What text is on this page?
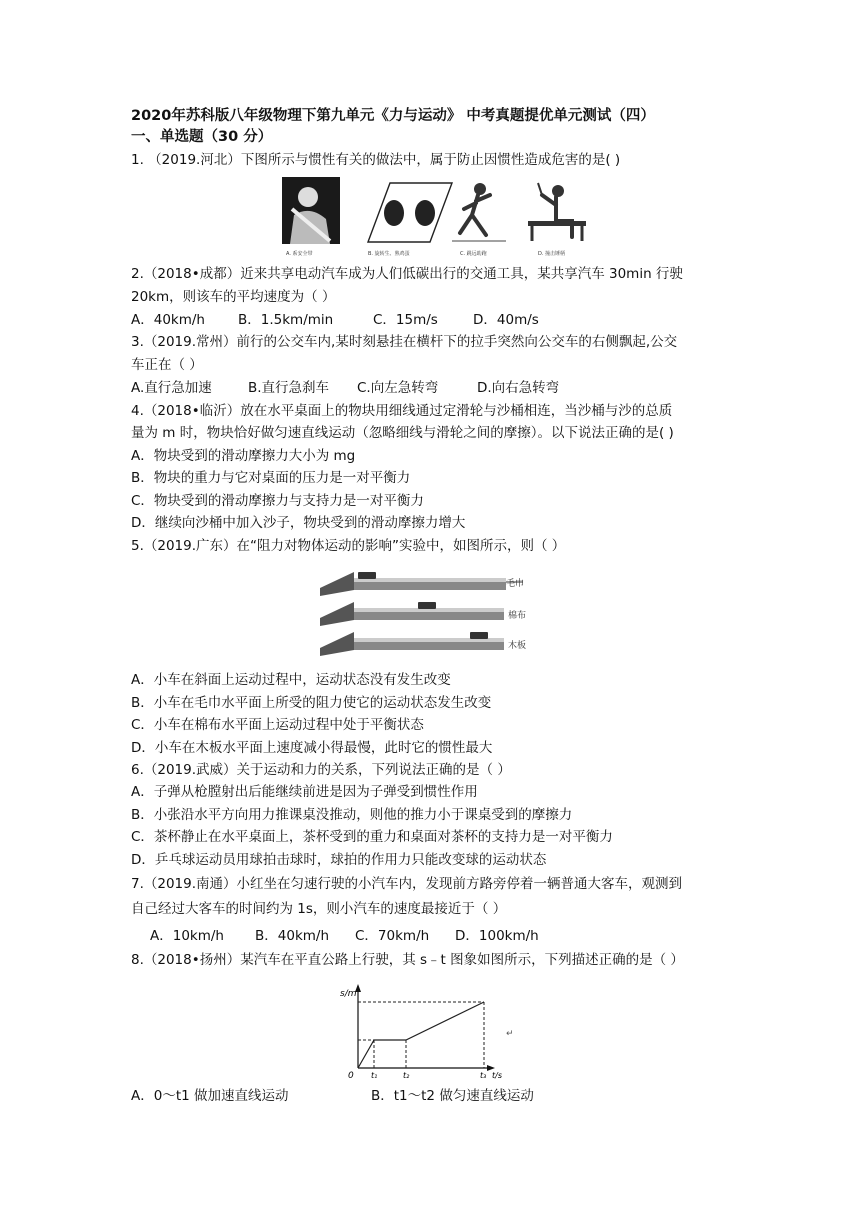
2020年苏科版八年级物理下第九单元《力与运动》 中考真题提优单元测试（四）
一、单选题（30 分）
1. （2019.河北）下图所示与惯性有关的做法中，属于防止因惯性造成危害的是( )
A. 系安全带	B. 旋转生、熟鸡蛋	C. 跳远助跑	D. 撞击锤柄
2.（2018•成都）近来共享电动汽车成为人们低碳出行的交通工具，某共享汽车 30min 行驶
20km，则该车的平均速度为（ ）
A．40km/h B．1.5km/min	C．15m/s	D．40m/s
3.（2019.常州）前行的公交车内,某时刻悬挂在横杆下的拉手突然向公交车的右侧飘起,公交
车正在（ ）
A.直行急加速	B.直行急刹车 C.向左急转弯	D.向右急转弯
4.（2018•临沂）放在水平桌面上的物块用细线通过定滑轮与沙桶相连，当沙桶与沙的总质
量为 m 时，物块恰好做匀速直线运动（忽略细线与滑轮之间的摩擦）。以下说法正确的是( )
A．物块受到的滑动摩擦力大小为 mg
B．物块的重力与它对桌面的压力是一对平衡力
C．物块受到的滑动摩擦力与支持力是一对平衡力
D．继续向沙桶中加入沙子，物块受到的滑动摩擦力增大
5.（2019.广东）在“阻力对物体运动的影响”实验中，如图所示，则（ ）
毛巾
棉布
木板
A．小车在斜面上运动过程中，运动状态没有发生改变
B．小车在毛巾水平面上所受的阻力使它的运动状态发生改变
C．小车在棉布水平面上运动过程中处于平衡状态
D．小车在木板水平面上速度减小得最慢，此时它的惯性最大
6.（2019.武威）关于运动和力的关系，下列说法正确的是（ ）
A．子弹从枪膛射出后能继续前进是因为子弹受到惯性作用
B．小张沿水平方向用力推课桌没推动，则他的推力小于课桌受到的摩擦力
C．茶杯静止在水平桌面上，茶杯受到的重力和桌面对茶杯的支持力是一对平衡力
D．乒乓球运动员用球拍击球时，球拍的作用力只能改变球的运动状态
7.（2019.南通）小红坐在匀速行驶的小汽车内，发现前方路旁停着一辆普通大客车，观测到
自己经过大客车的时间约为 1s，则小汽车的速度最接近于（ ）
A．10km/h B．40km/h C．70km/h D．100km/h
8.（2018•扬州）某汽车在平直公路上行驶，其 s﹣t 图象如图所示，下列描述正确的是（ ）
s/m
0 t₁	t₂	t₃ t/s
↵
A．0～t1 做加速直线运动	B．t1～t2 做匀速直线运动
